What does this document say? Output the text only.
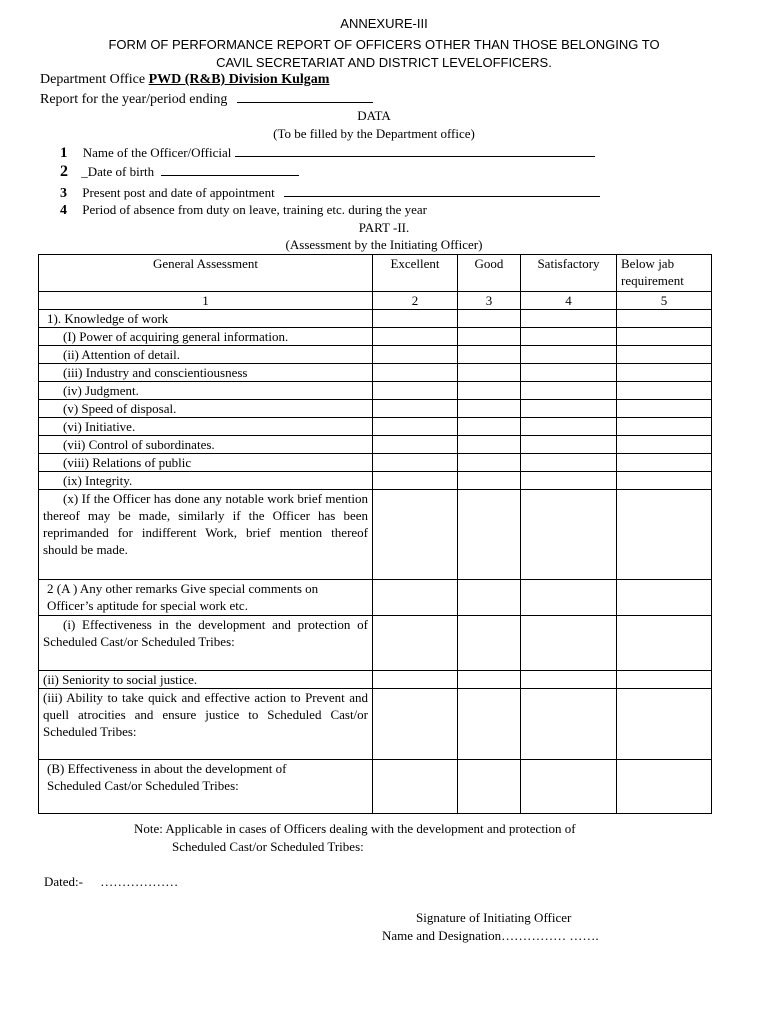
ANNEXURE-III
FORM OF PERFORMANCE REPORT OF OFFICERS OTHER THAN THOSE BELONGING TO
CAVIL SECRETARIAT AND DISTRICT LEVELOFFICERS.
Department Office PWD (R&B) Division Kulgam
Report for the year/period ending
DATA
(To be filled by the Department office)
1 Name of the Officer/Official
2 _Date of birth
3 Present post and date of appointment
4 Period of absence from duty on leave, training etc. during the year
PART -II.
(Assessment by the Initiating Officer)
General Assessment	Excellent	Good	Satisfactory	Below jab requirement
1	2	3	4	5
1). Knowledge of work				
(I) Power of acquiring general information.				
(ii) Attention of detail.				
(iii) Industry and conscientiousness				
(iv) Judgment.				
(v) Speed of disposal.				
(vi) Initiative.				
(vii) Control of subordinates.				
(viii) Relations of public				
(ix) Integrity.				
(x) If the Officer has done any notable work brief mention thereof may be made, similarly if the Officer has been reprimanded for indifferent Work, brief mention thereof should be made.				
2 (A ) Any other remarks Give special comments on Officer’s aptitude for special work etc.				
(i) Effectiveness in the development and protection of Scheduled Cast/or Scheduled Tribes:				
(ii) Seniority to social justice.				
(iii) Ability to take quick and effective action to Prevent and quell atrocities and ensure justice to Scheduled Cast/or Scheduled Tribes:				
(B) Effectiveness in about the development of Scheduled Cast/or Scheduled Tribes:				
Note: Applicable in cases of Officers dealing with the development and protection of
Scheduled Cast/or Scheduled Tribes:
Dated:- ………………
Signature of Initiating Officer
Name and Designation…………… …….
